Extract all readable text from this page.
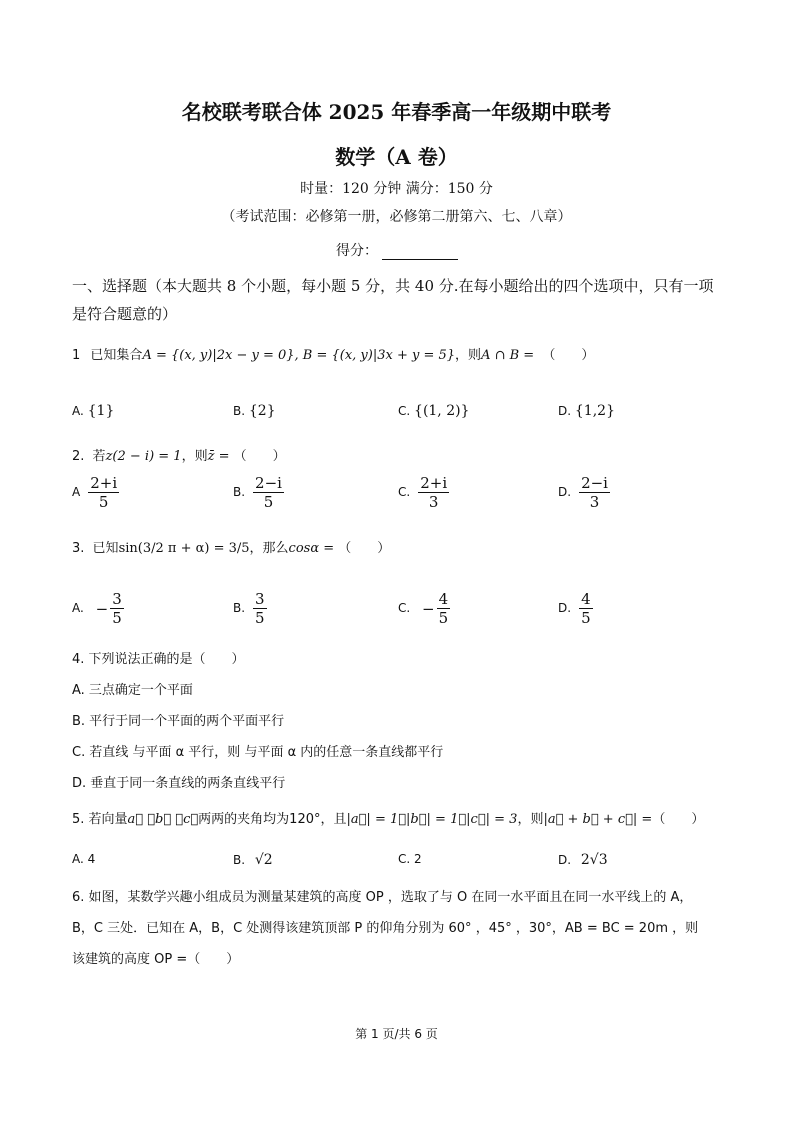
名校联考联合体 2025 年春季高一年级期中联考
数学（A 卷）
时量：120 分钟 满分：150 分
（考试范围：必修第一册，必修第二册第六、七、八章）
得分：
一、选择题（本大题共 8 个小题，每小题 5 分，共 40 分.在每小题给出的四个选项中，只有一项是符合题意的）
1 已知集合A = {(x, y)|2x − y = 0}, B = {(x, y)|3x + y = 5}，则A ∩ B = （　　）
A. {1}	B. {2}	C. {(1, 2)}	D. {1,2}
2. 若z(2 − i) = 1，则z̄ = （　　）
A $\frac{2+i}{5}$	B. $\frac{2-i}{5}$	C. $\frac{2+i}{3}$	D. $\frac{2-i}{3}$
3. 已知sin(3/2 π + α) = 3/5，那么cosα = （　　）
A. − $\frac{3}{5}$	B. $\frac{3}{5}$	C. − $\frac{4}{5}$	D. $\frac{4}{5}$
4. 下列说法正确的是（　　）
A. 三点确定一个平面
B. 平行于同一个平面的两个平面平行
C. 若直线 与平面 α 平行，则 与平面 α 内的任意一条直线都平行
D. 垂直于同一条直线的两条直线平行
5. 若向量a⃗ ，b⃗ ，c⃗两两的夹角均为120°，且|a⃗| = 1，|b⃗| = 1，|c⃗| = 3，则|a⃗ + b⃗ + c⃗| =（　　）
A. 4	B. √2	C. 2	D. 2√3
6. 如图，某数学兴趣小组成员为测量某建筑的高度 OP ，选取了与 O 在同一水平面且在同一水平线上的 A，
B，C 三处．已知在 A，B，C 处测得该建筑顶部 P 的仰角分别为 60° ，45° ，30°，AB = BC = 20m ，则
该建筑的高度 OP =（　　）
第 1 页/共 6 页
